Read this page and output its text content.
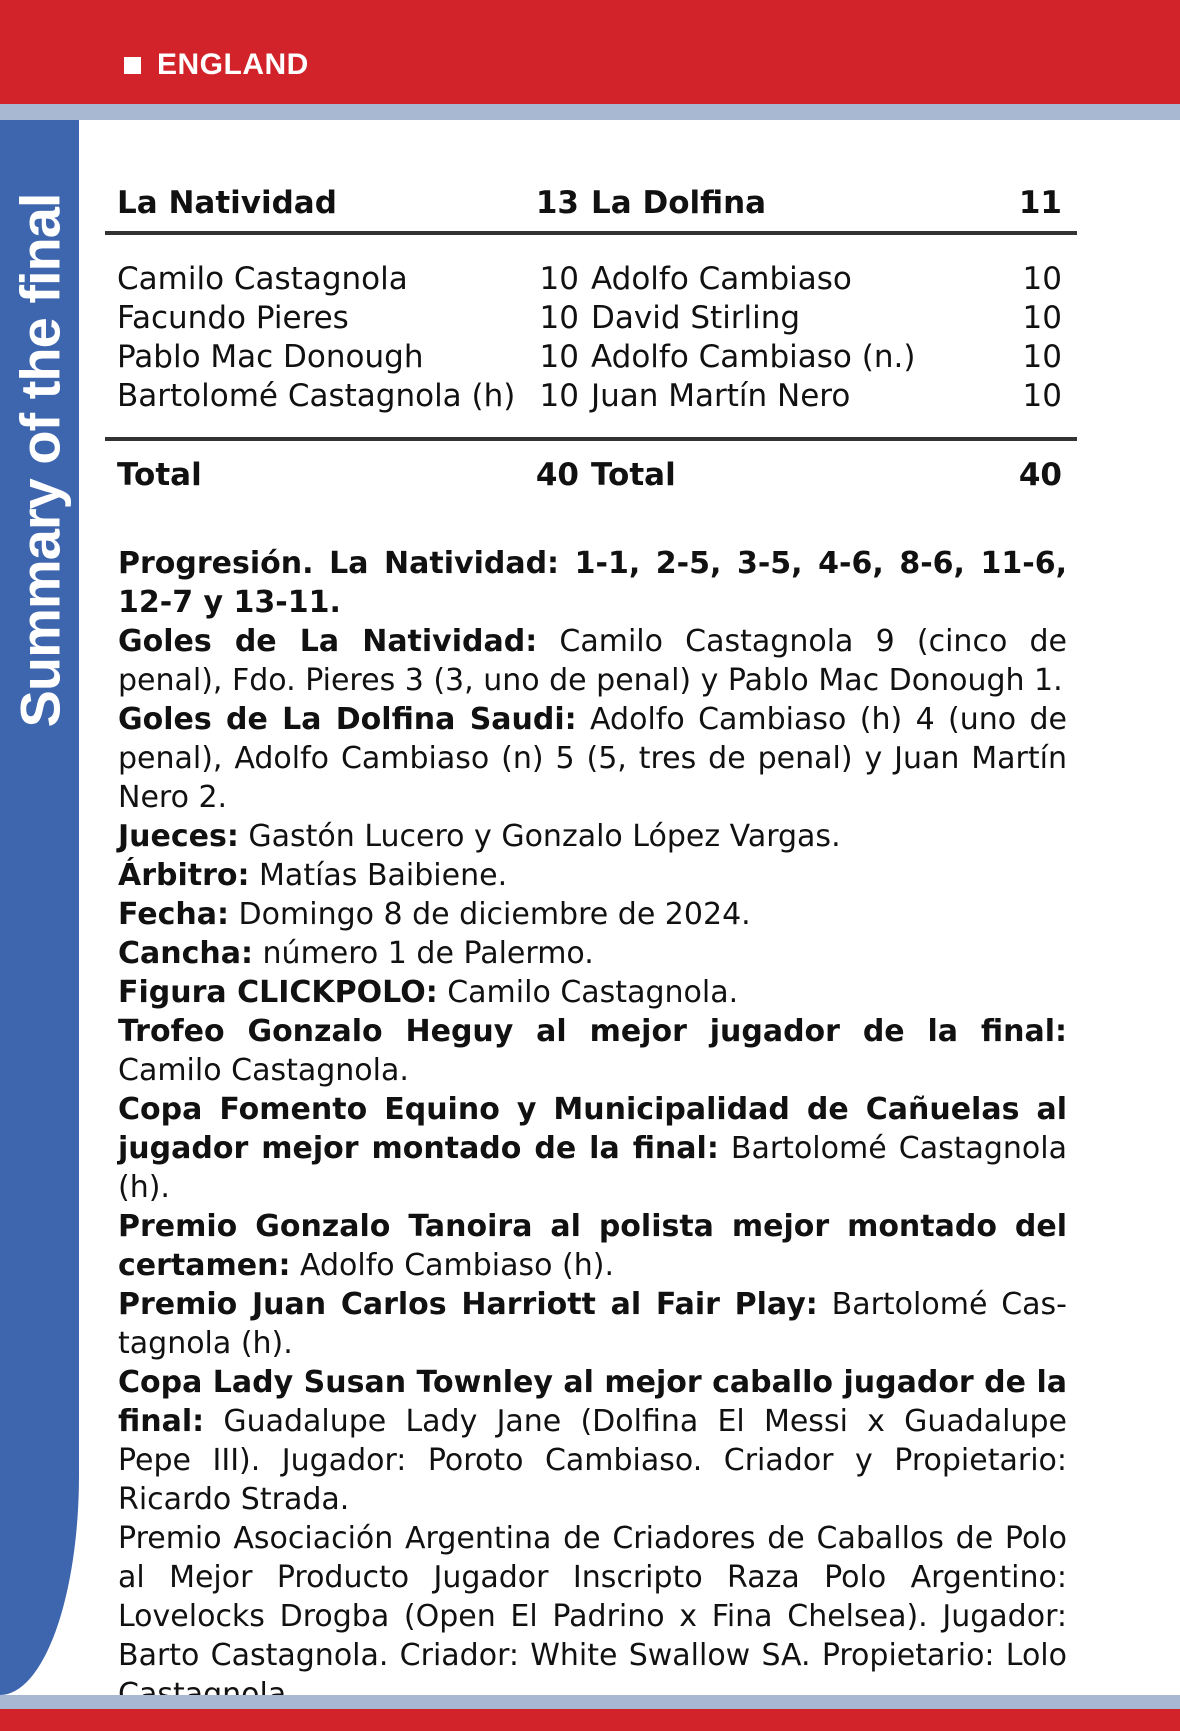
ENGLAND
Summary of the final La Natividad	13 La Dolfina	11
Camilo Castagnola	10 Adolfo Cambiaso	10
Facundo Pieres	10 David Stirling	10
Pablo Mac Donough	10 Adolfo Cambiaso (n.)	10
Bartolomé Castagnola (h) 10 Juan Martín Nero	10
Total	40 Total	40

Progresión. La Natividad: 1-1, 2-5, 3-5, 4-6, 8-6, 11-6, 12-7 y 13-11.

Goles de La Natividad: Camilo Castagnola 9 (cinco de penal), Fdo. Pieres 3 (3, uno de penal) y Pablo Mac Donough 1.

Goles de La Dolfina Saudi: Adolfo Cambiaso (h) 4 (uno de penal), Adolfo Cambiaso (n) 5 (5, tres de penal) y Juan Martín Nero 2.

Jueces: Gastón Lucero y Gonzalo López Vargas.

Árbitro: Matías Baibiene.

Fecha: Domingo 8 de diciembre de 2024.

Cancha: número 1 de Palermo.

Figura CLICKPOLO: Camilo Castagnola.

Trofeo Gonzalo Heguy al mejor jugador de la final: Camilo Castagnola.

Copa Fomento Equino y Municipalidad de Cañuelas al jugador mejor montado de la final: Bartolomé Castagnola (h).

Premio Gonzalo Tanoira al polista mejor montado del certamen: Adolfo Cambiaso (h).

Premio Juan Carlos Harriott al Fair Play: Bartolomé Castagnola (h).

Copa Lady Susan Townley al mejor caballo jugador de la final: Guadalupe Lady Jane (Dolfina El Messi x Guadalupe Pepe III). Jugador: Poroto Cambiaso. Criador y Propietario: Ricardo Strada.

Premio Asociación Argentina de Criadores de Caballos de Polo al Mejor Producto Jugador Inscripto Raza Polo Argentino: Lovelocks Drogba (Open El Padrino x Fina Chelsea). Jugador: Barto Castagnola. Criador: White Swallow SA. Propietario: Lolo
